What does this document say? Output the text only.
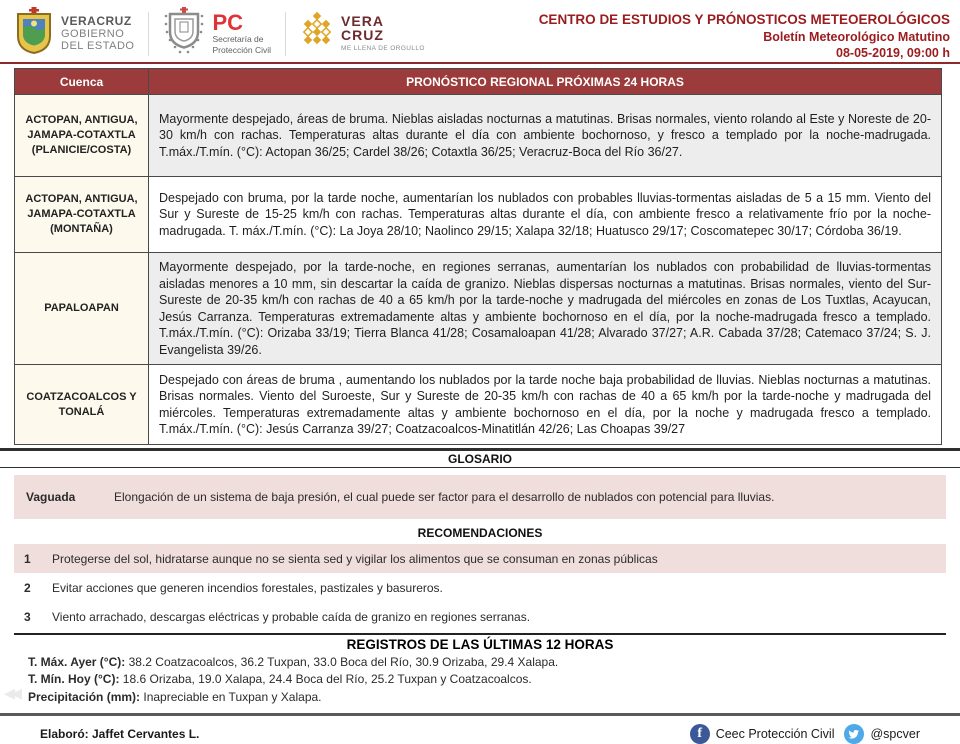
VERACRUZ
GOBIERNO
DEL ESTADO
PC
Secretaría de
Protección Civil
VERA
CRUZ
ME LLENA DE ORGULLO
CENTRO DE ESTUDIOS Y PRÓNOSTICOS METEOEROLÓGICOS
Boletín Meteorológico Matutino
08-05-2019, 09:00 h
Cuenca	PRONÓSTICO REGIONAL PRÓXIMAS 24 HORAS
ACTOPAN, ANTIGUA, JAMAPA-COTAXTLA (PLANICIE/COSTA)	Mayormente despejado, áreas de bruma. Nieblas aisladas nocturnas a matutinas. Brisas normales, viento rolando al Este y Noreste de 20-30 km/h con rachas. Temperaturas altas durante el día con ambiente bochornoso, y fresco a templado por la noche-madrugada. T.máx./T.mín. (°C): Actopan 36/25; Cardel 38/26; Cotaxtla 36/25; Veracruz-Boca del Río 36/27.
ACTOPAN, ANTIGUA, JAMAPA-COTAXTLA (MONTAÑA)	Despejado con bruma, por la tarde noche, aumentarían los nublados con probables lluvias-tormentas aisladas de 5 a 15 mm. Viento del Sur y Sureste de 15-25 km/h con rachas. Temperaturas altas durante el día, con ambiente fresco a relativamente frío por la noche-madrugada. T. máx./T.mín. (°C): La Joya 28/10; Naolinco 29/15; Xalapa 32/18; Huatusco 29/17; Coscomatepec 30/17; Córdoba 36/19.
PAPALOAPAN	Mayormente despejado, por la tarde-noche, en regiones serranas, aumentarían los nublados con probabilidad de lluvias-tormentas aisladas menores a 10 mm, sin descartar la caída de granizo. Nieblas dispersas nocturnas a matutinas. Brisas normales, viento del Sur-Sureste de 20-35 km/h con rachas de 40 a 65 km/h por la tarde-noche y madrugada del miércoles en zonas de Los Tuxtlas, Acayucan, Jesús Carranza. Temperaturas extremadamente altas y ambiente bochornoso en el día, por la noche-madrugada fresco a templado. T.máx./T.mín. (°C): Orizaba 33/19; Tierra Blanca 41/28; Cosamaloapan 41/28; Alvarado 37/27; A.R. Cabada 37/28; Catemaco 37/24; S. J. Evangelista 39/26.
COATZACOALCOS Y TONALÁ	Despejado con áreas de bruma , aumentando los nublados por la tarde noche baja probabilidad de lluvias. Nieblas nocturnas a matutinas. Brisas normales. Viento del Suroeste, Sur y Sureste de 20-35 km/h con rachas de 40 a 65 km/h por la tarde-noche y madrugada del miércoles. Temperaturas extremadamente altas y ambiente bochornoso en el día, por la noche y madrugada fresco a templado. T.máx./T.mín. (°C): Jesús Carranza 39/27; Coatzacoalcos-Minatitlán 42/26; Las Choapas 39/27
GLOSARIO
Vaguada	Elongación de un sistema de baja presión, el cual puede ser factor para el desarrollo de nublados con potencial para lluvias.
RECOMENDACIONES
1	Protegerse del sol, hidratarse aunque no se sienta sed y vigilar los alimentos que se consuman en zonas públicas
2	Evitar acciones que generen incendios forestales, pastizales y basureros.
3	Viento arrachado, descargas eléctricas y probable caída de granizo en regiones serranas.
REGISTROS DE LAS ÚLTIMAS 12 HORAS
T. Máx. Ayer (°C): 38.2 Coatzacoalcos, 36.2 Tuxpan, 33.0 Boca del Río, 30.9 Orizaba, 29.4 Xalapa.
T. Mín. Hoy (°C): 18.6 Orizaba, 19.0 Xalapa, 24.4 Boca del Río, 25.2 Tuxpan y Coatzacoalcos.
Precipitación (mm): Inapreciable en Tuxpan y Xalapa.
◂◂
Elaboró: Jaffet Cervantes L.	f	Ceec Protección Civil	@spcver
